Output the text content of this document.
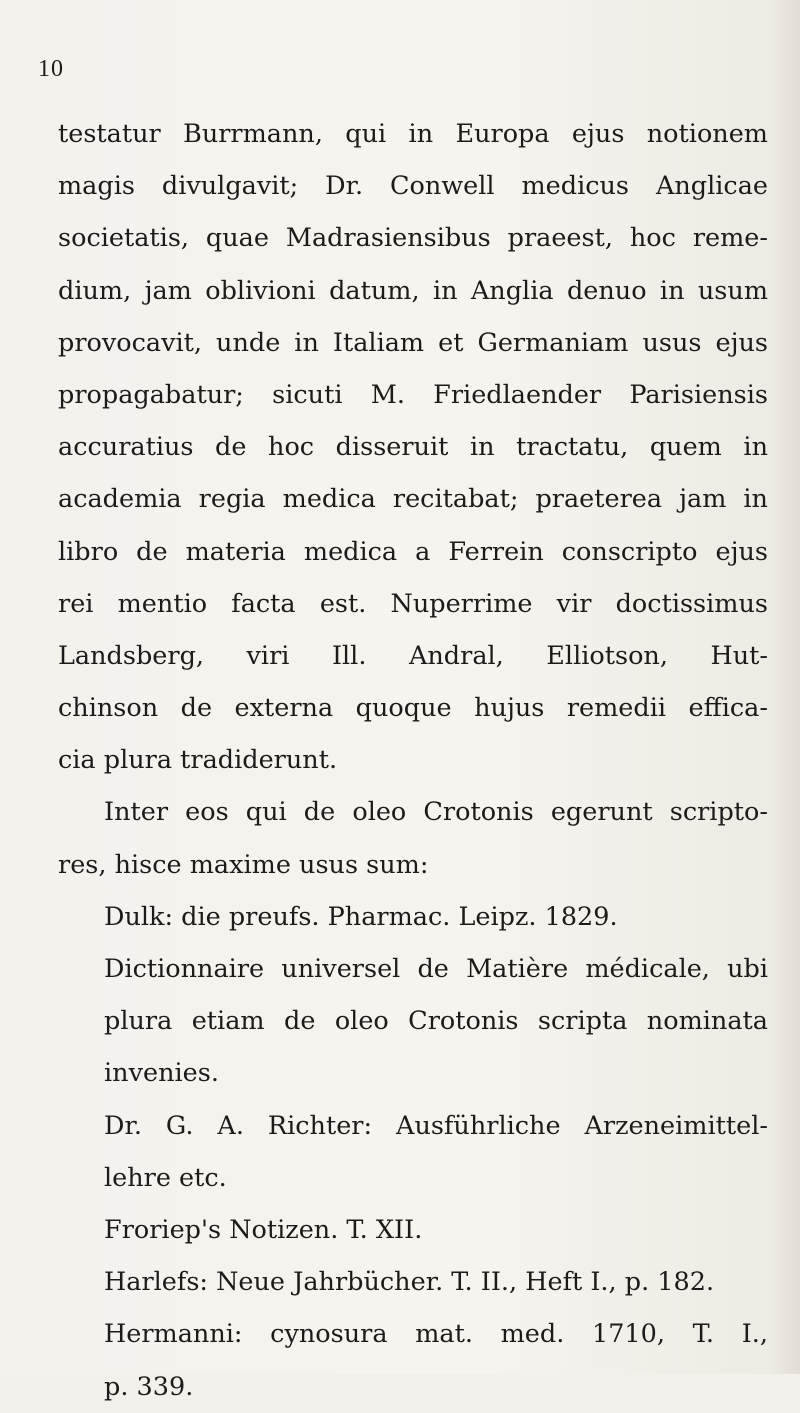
10
testatur Burrmann, qui in Europa ejus notionem
magis divulgavit; Dr. Conwell medicus Anglicae
societatis, quae Madrasiensibus praeest, hoc reme-
dium, jam oblivioni datum, in Anglia denuo in usum
provocavit, unde in Italiam et Germaniam usus ejus
propagabatur; sicuti M. Friedlaender Parisiensis
accuratius de hoc disseruit in tractatu, quem in
academia regia medica recitabat; praeterea jam in
libro de materia medica a Ferrein conscripto ejus
rei mentio facta est. Nuperrime vir doctissimus
Landsberg, viri Ill. Andral, Elliotson, Hut-
chinson de externa quoque hujus remedii effica-
cia plura tradiderunt.
Inter eos qui de oleo Crotonis egerunt scripto-
res, hisce maxime usus sum:
Dulk: die preufs. Pharmac. Leipz. 1829.
Dictionnaire universel de Matière médicale, ubi
plura etiam de oleo Crotonis scripta nominata
invenies.
Dr. G. A. Richter: Ausführliche Arzeneimittel-
lehre etc.
Froriep's Notizen. T. XII.
Harlefs: Neue Jahrbücher. T. II., Heft I., p. 182.
Hermanni: cynosura mat. med. 1710, T. I.,
p. 339.
